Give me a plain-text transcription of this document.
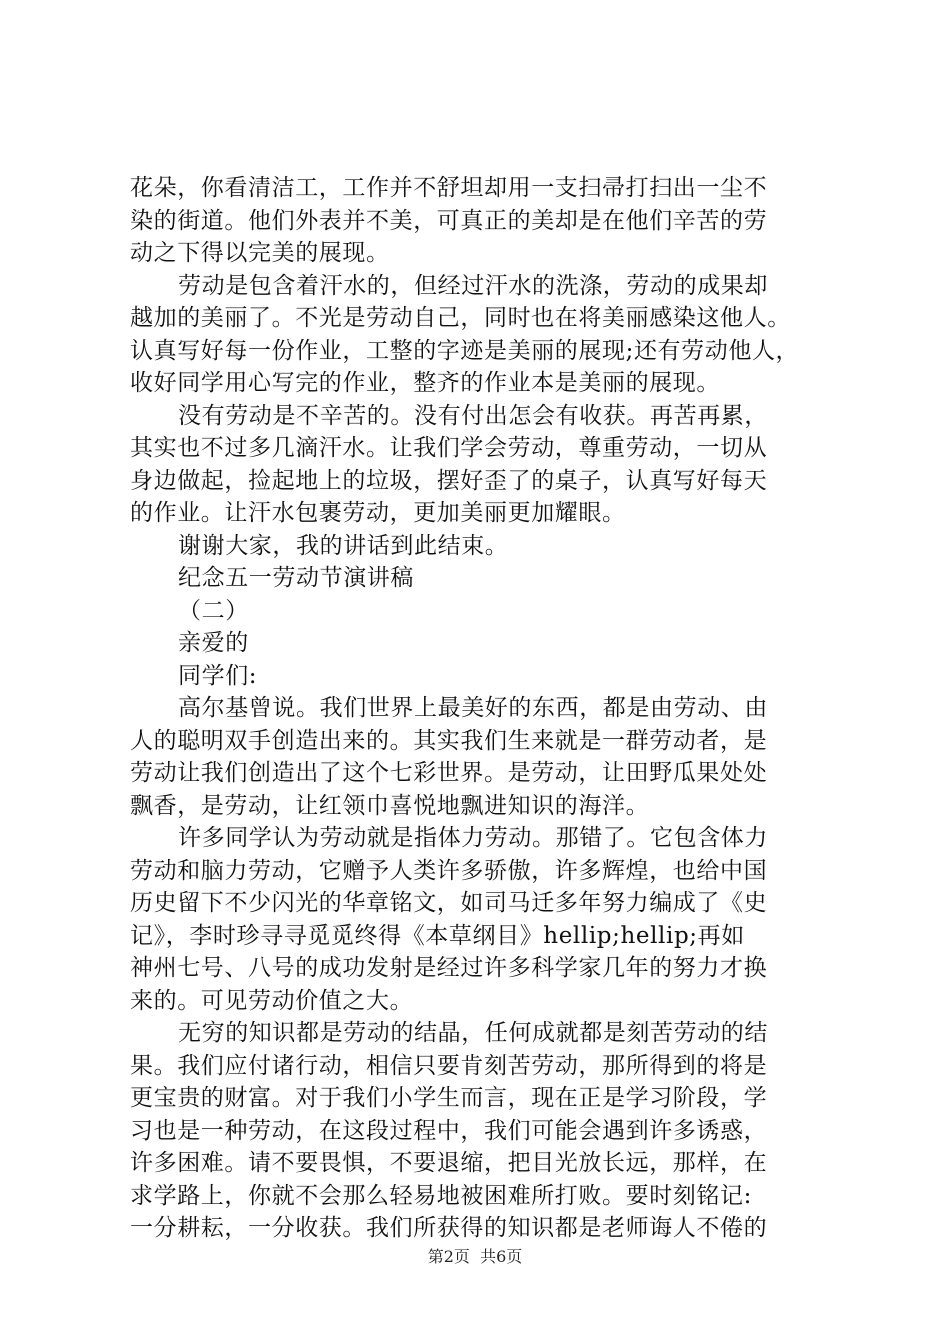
花朵，你看清洁工，工作并不舒坦却用一支扫帚打扫出一尘不
染的街道。他们外表并不美，可真正的美却是在他们辛苦的劳
动之下得以完美的展现。
劳动是包含着汗水的，但经过汗水的洗涤，劳动的成果却
越加的美丽了。不光是劳动自己，同时也在将美丽感染这他人。
认真写好每一份作业，工整的字迹是美丽的展现;还有劳动他人，
收好同学用心写完的作业，整齐的作业本是美丽的展现。
没有劳动是不辛苦的。没有付出怎会有收获。再苦再累，
其实也不过多几滴汗水。让我们学会劳动，尊重劳动，一切从
身边做起，捡起地上的垃圾，摆好歪了的桌子，认真写好每天
的作业。让汗水包裹劳动，更加美丽更加耀眼。
谢谢大家，我的讲话到此结束。
纪念五一劳动节演讲稿
（二）
亲爱的
同学们:
高尔基曾说。我们世界上最美好的东西，都是由劳动、由
人的聪明双手创造出来的。其实我们生来就是一群劳动者，是
劳动让我们创造出了这个七彩世界。是劳动，让田野瓜果处处
飘香，是劳动，让红领巾喜悦地飘进知识的海洋。
许多同学认为劳动就是指体力劳动。那错了。它包含体力
劳动和脑力劳动，它赠予人类许多骄傲，许多辉煌，也给中国
历史留下不少闪光的华章铭文，如司马迁多年努力编成了《史
记》，李时珍寻寻觅觅终得《本草纲目》hellip;hellip;再如
神州七号、八号的成功发射是经过许多科学家几年的努力才换
来的。可见劳动价值之大。
无穷的知识都是劳动的结晶，任何成就都是刻苦劳动的结
果。我们应付诸行动，相信只要肯刻苦劳动，那所得到的将是
更宝贵的财富。对于我们小学生而言，现在正是学习阶段，学
习也是一种劳动，在这段过程中，我们可能会遇到许多诱惑，
许多困难。请不要畏惧，不要退缩，把目光放长远，那样，在
求学路上，你就不会那么轻易地被困难所打败。要时刻铭记:
一分耕耘，一分收获。我们所获得的知识都是老师诲人不倦的
第2页  共6页
